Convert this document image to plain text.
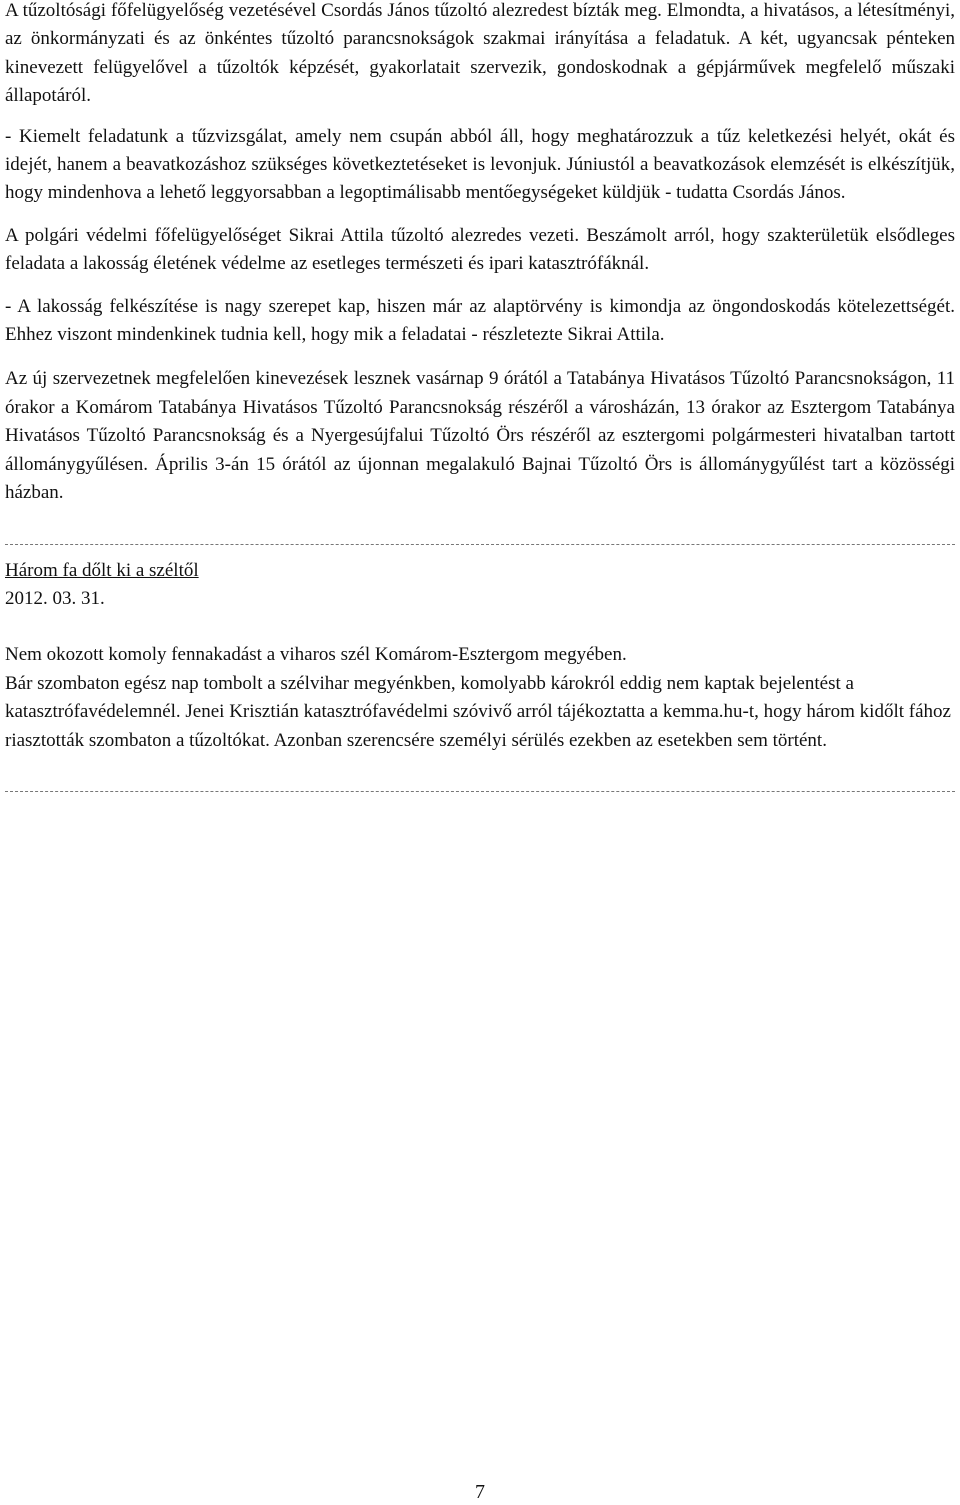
A tűzoltósági főfelügyelőség vezetésével Csordás János tűzoltó alezredest bízták meg. Elmondta, a hivatásos, a létesítményi, az önkormányzati és az önkéntes tűzoltó parancsnokságok szakmai irányítása a feladatuk. A két, ugyancsak pénteken kinevezett felügyelővel a tűzoltók képzését, gyakorlatait szervezik, gondoskodnak a gépjárművek megfelelő műszaki állapotáról.

- Kiemelt feladatunk a tűzvizsgálat, amely nem csupán abból áll, hogy meghatározzuk a tűz keletkezési helyét, okát és idejét, hanem a beavatkozáshoz szükséges következtetéseket is levonjuk. Júniustól a beavatkozások elemzését is elkészítjük, hogy mindenhova a lehető leggyorsabban a legoptimálisabb mentőegységeket küldjük - tudatta Csordás János.

A polgári védelmi főfelügyelőséget Sikrai Attila tűzoltó alezredes vezeti. Beszámolt arról, hogy szakterületük elsődleges feladata a lakosság életének védelme az esetleges természeti és ipari katasztrófáknál.

- A lakosság felkészítése is nagy szerepet kap, hiszen már az alaptörvény is kimondja az öngondoskodás kötelezettségét. Ehhez viszont mindenkinek tudnia kell, hogy mik a feladatai - részletezte Sikrai Attila.

Az új szervezetnek megfelelően kinevezések lesznek vasárnap 9 órától a Tatabánya Hivatásos Tűzoltó Parancsnokságon, 11 órakor a Komárom Tatabánya Hivatásos Tűzoltó Parancsnokság részéről a városházán, 13 órakor az Esztergom Tatabánya Hivatásos Tűzoltó Parancsnokság és a Nyergesújfalui Tűzoltó Örs részéről az esztergomi polgármesteri hivatalban tartott állománygyűlésen. Április 3-án 15 órától az újonnan megalakuló Bajnai Tűzoltó Örs is állománygyűlést tart a közösségi házban.

Három fa dőlt ki a széltől
2012. 03. 31.

Nem okozott komoly fennakadást a viharos szél Komárom-Esztergom megyében.

Bár szombaton egész nap tombolt a szélvihar megyénkben, komolyabb károkról eddig nem kaptak bejelentést a katasztrófavédelemnél. Jenei Krisztián katasztrófavédelmi szóvivő arról tájékoztatta a kemma.hu-t, hogy három kidőlt fához riasztották szombaton a tűzoltókat. Azonban szerencsére személyi sérülés ezekben az esetekben sem történt.

7
